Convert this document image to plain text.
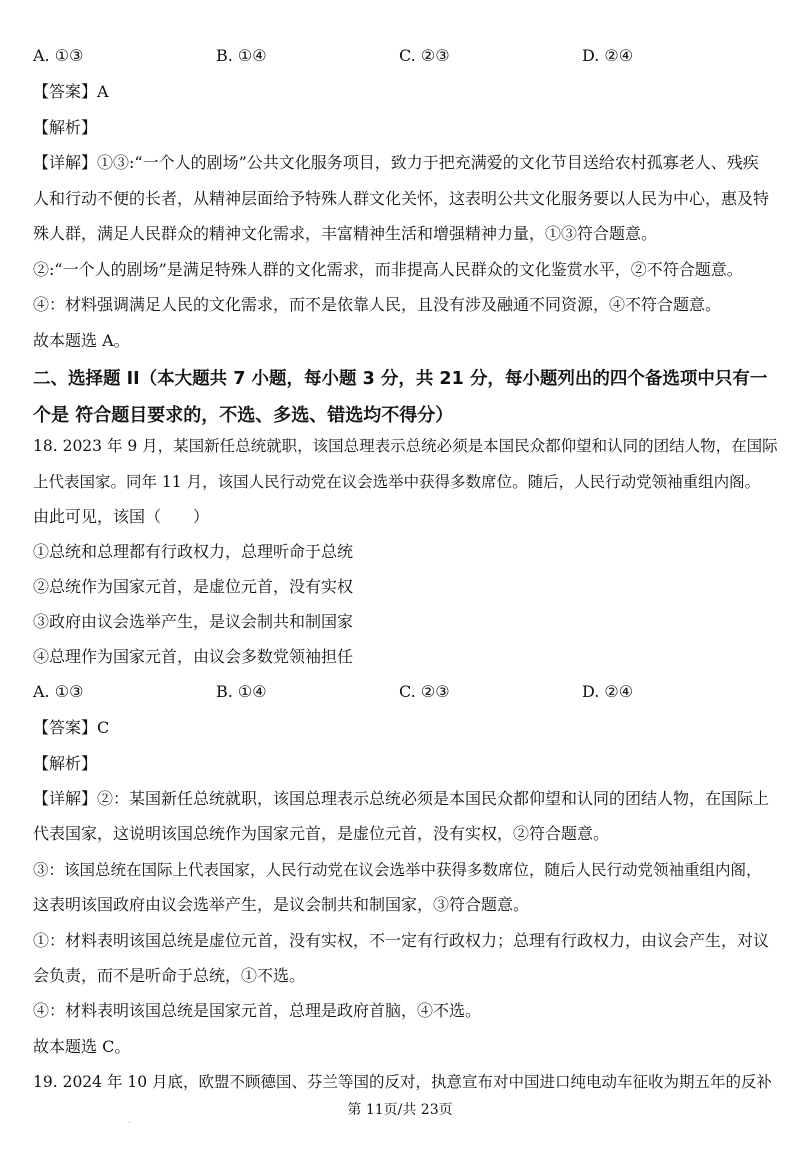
A. ①③	B. ①④	C. ②③	D. ②④
【答案】A
【解析】
【详解】①③:“一个人的剧场”公共文化服务项目，致力于把充满爱的文化节目送给农村孤寡老人、残疾
人和行动不便的长者，从精神层面给予特殊人群文化关怀，这表明公共文化服务要以人民为中心，惠及特
殊人群，满足人民群众的精神文化需求，丰富精神生活和增强精神力量，①③符合题意。
②:“一个人的剧场”是满足特殊人群的文化需求，而非提高人民群众的文化鉴赏水平，②不符合题意。
④：材料强调满足人民的文化需求，而不是依靠人民，且没有涉及融通不同资源，④不符合题意。
故本题选 A。
二、选择题 II（本大题共 7 小题，每小题 3 分，共 21 分，每小题列出的四个备选项中只有一
个是 符合题目要求的，不选、多选、错选均不得分）
18. 2023 年 9 月，某国新任总统就职，该国总理表示总统必须是本国民众都仰望和认同的团结人物，在国际
上代表国家。同年 11 月，该国人民行动党在议会选举中获得多数席位。随后，人民行动党领袖重组内阁。
由此可见，该国（　　）
①总统和总理都有行政权力，总理听命于总统
②总统作为国家元首，是虚位元首，没有实权
③政府由议会选举产生，是议会制共和制国家
④总理作为国家元首，由议会多数党领袖担任
A. ①③	B. ①④	C. ②③	D. ②④
【答案】C
【解析】
【详解】②：某国新任总统就职，该国总理表示总统必须是本国民众都仰望和认同的团结人物，在国际上
代表国家，这说明该国总统作为国家元首，是虚位元首，没有实权，②符合题意。
③：该国总统在国际上代表国家，人民行动党在议会选举中获得多数席位，随后人民行动党领袖重组内阁，
这表明该国政府由议会选举产生，是议会制共和制国家，③符合题意。
①：材料表明该国总统是虚位元首，没有实权，不一定有行政权力；总理有行政权力，由议会产生，对议
会负责，而不是听命于总统，①不选。
④：材料表明该国总统是国家元首，总理是政府首脑，④不选。
故本题选 C。
19. 2024 年 10 月底，欧盟不顾德国、芬兰等国的反对，执意宣布对中国进口纯电动车征收为期五年的反补
·
第 11页/共 23页
